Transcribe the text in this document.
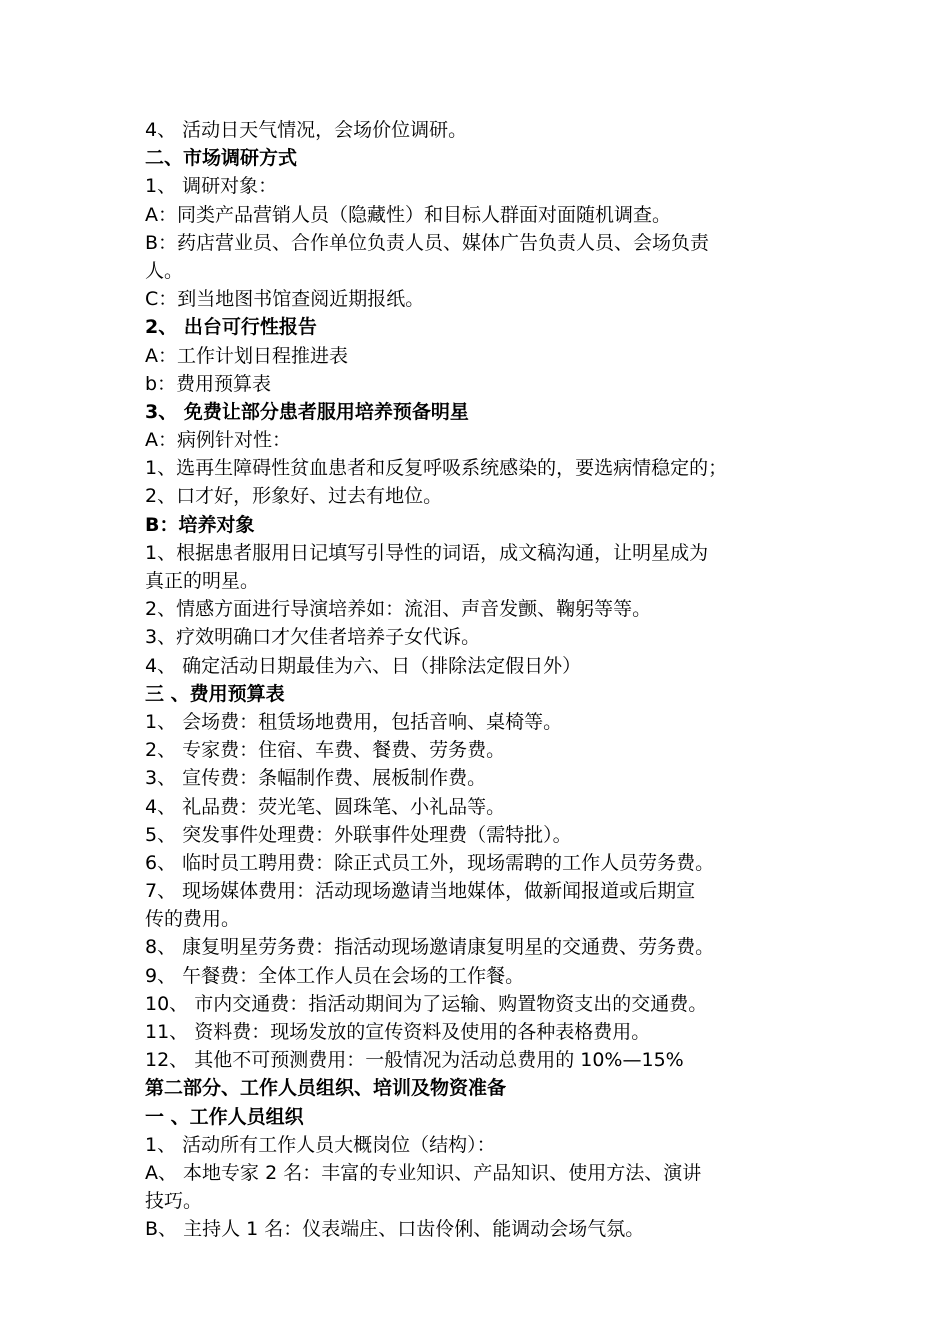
4、 活动日天气情况，会场价位调研。
二、市场调研方式
1、 调研对象：
A：同类产品营销人员（隐藏性）和目标人群面对面随机调查。
B：药店营业员、合作单位负责人员、媒体广告负责人员、会场负责
人。
C：到当地图书馆查阅近期报纸。
2、 出台可行性报告
A：工作计划日程推进表
b：费用预算表
3、 免费让部分患者服用培养预备明星
A：病例针对性：
1、选再生障碍性贫血患者和反复呼吸系统感染的，要选病情稳定的；
2、口才好，形象好、过去有地位。
B：培养对象
1、根据患者服用日记填写引导性的词语，成文稿沟通，让明星成为
真正的明星。
2、情感方面进行导演培养如：流泪、声音发颤、鞠躬等等。
3、疗效明确口才欠佳者培养子女代诉。
4、 确定活动日期最佳为六、日（排除法定假日外）
三 、费用预算表
1、 会场费：租赁场地费用，包括音响、桌椅等。
2、 专家费：住宿、车费、餐费、劳务费。
3、 宣传费：条幅制作费、展板制作费。
4、 礼品费：荧光笔、圆珠笔、小礼品等。
5、 突发事件处理费：外联事件处理费（需特批）。
6、 临时员工聘用费：除正式员工外，现场需聘的工作人员劳务费。
7、 现场媒体费用：活动现场邀请当地媒体，做新闻报道或后期宣
传的费用。
8、 康复明星劳务费：指活动现场邀请康复明星的交通费、劳务费。
9、 午餐费：全体工作人员在会场的工作餐。
10、 市内交通费：指活动期间为了运输、购置物资支出的交通费。
11、 资料费：现场发放的宣传资料及使用的各种表格费用。
12、 其他不可预测费用：一般情况为活动总费用的 10%—15%
第二部分、工作人员组织、培训及物资准备
一 、工作人员组织
1、 活动所有工作人员大概岗位（结构）：
A、 本地专家 2 名：丰富的专业知识、产品知识、使用方法、演讲
技巧。
B、 主持人 1 名：仪表端庄、口齿伶俐、能调动会场气氛。
